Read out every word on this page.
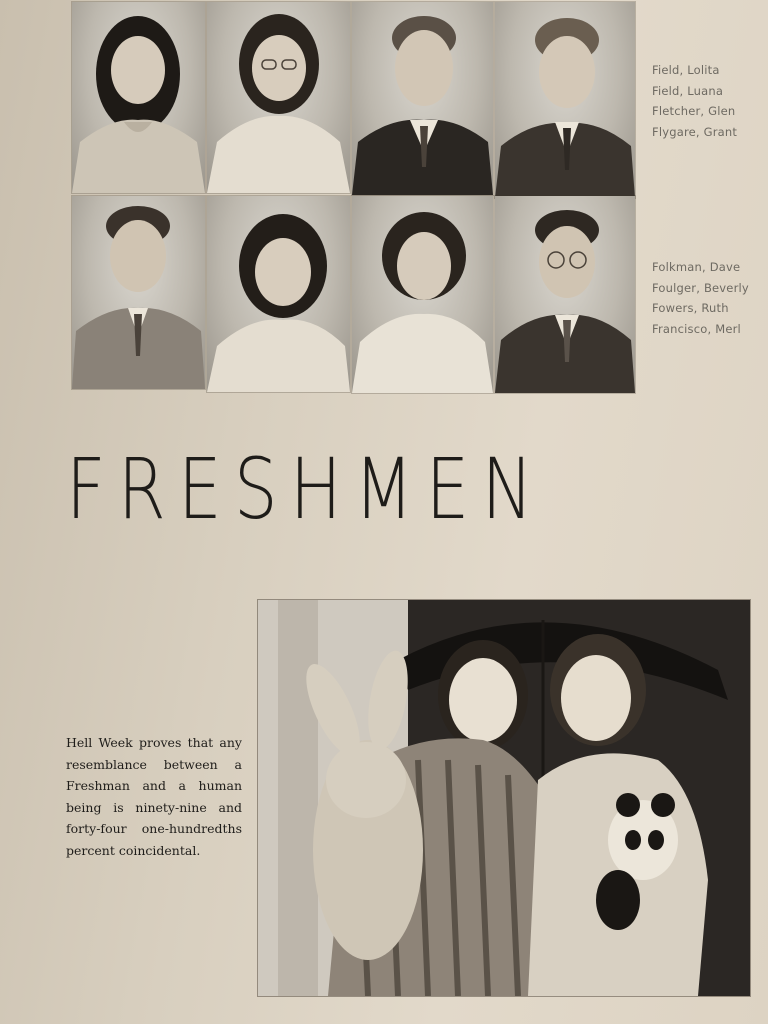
Field, Lolita
Field, Luana
Fletcher, Glen
Flygare, Grant
Folkman, Dave
Foulger, Beverly
Fowers, Ruth
Francisco, Merl
FRESHMEN
Hell Week proves that any resemblance between a Freshman and a human being is ninety-nine and forty-four one-hundredths percent coincidental.
